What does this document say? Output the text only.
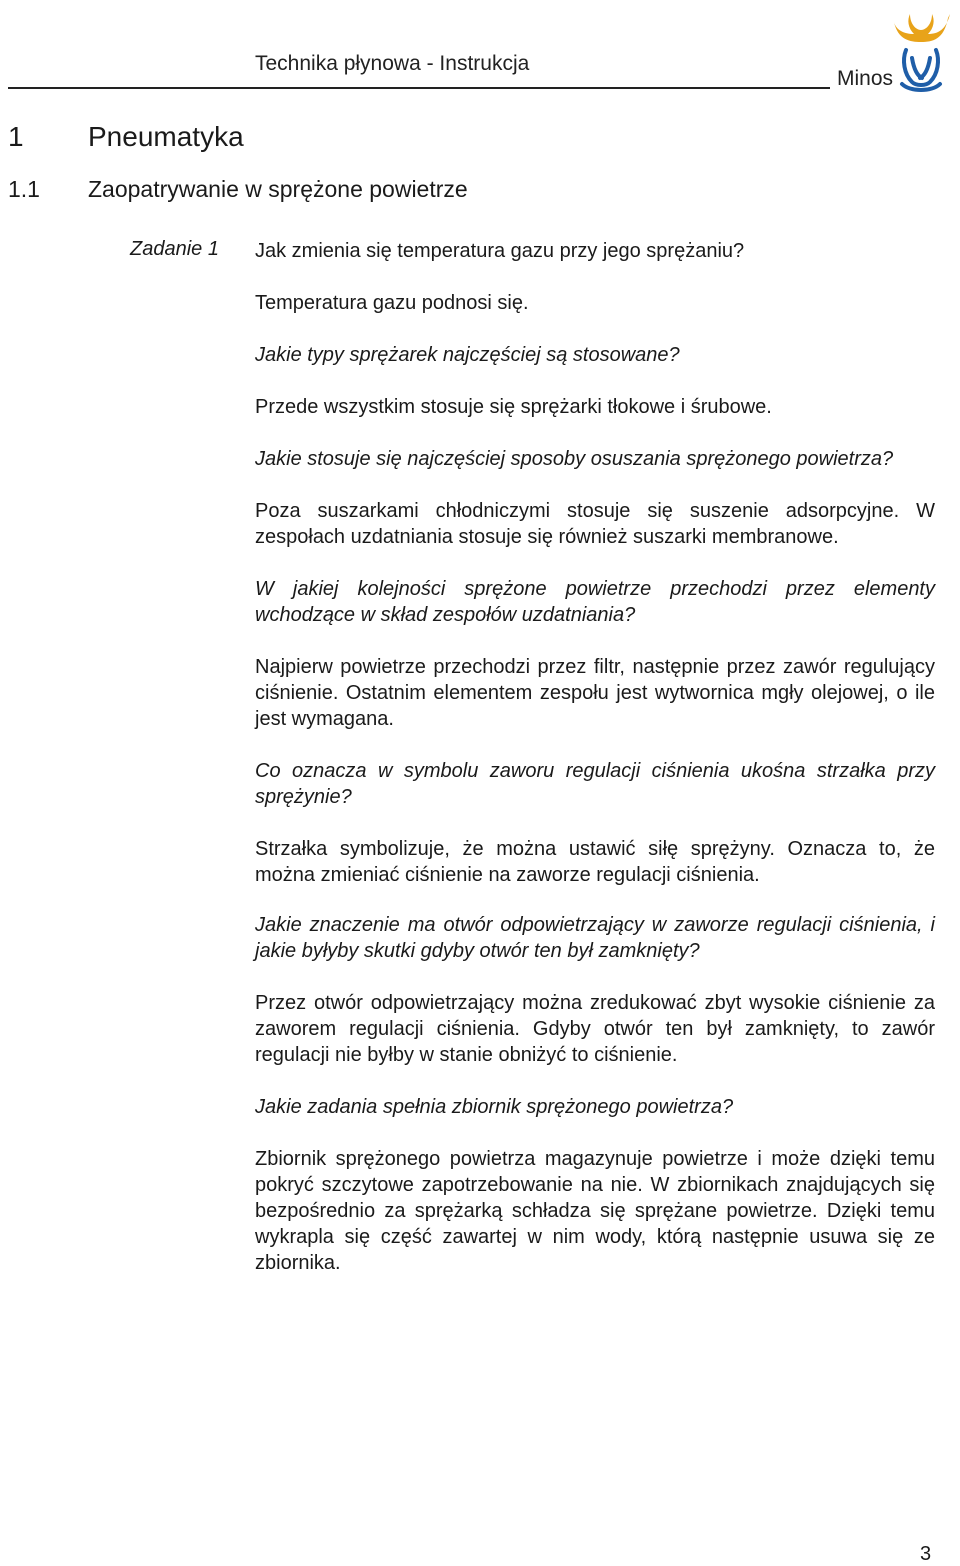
Technika płynowa - Instrukcja
Minos
1 Pneumatyka
1.1 Zaopatrywanie w sprężone powietrze
Zadanie 1 Jak zmienia się temperatura gazu przy jego sprężaniu?

Temperatura gazu podnosi się.

Jakie typy sprężarek najczęściej są stosowane?

Przede wszystkim stosuje się sprężarki tłokowe i śrubowe.

Jakie stosuje się najczęściej sposoby osuszania sprężonego powietrza?

Poza suszarkami chłodniczymi stosuje się suszenie adsorpcyjne. W zespołach uzdatniania stosuje się również suszarki membranowe.

W jakiej kolejności sprężone powietrze przechodzi przez elementy wchodzące w skład zespołów uzdatniania?

Najpierw powietrze przechodzi przez filtr, następnie przez zawór regulujący ciśnienie. Ostatnim elementem zespołu jest wytwornica mgły olejowej, o ile jest wymagana.

Co oznacza w symbolu zaworu regulacji ciśnienia ukośna strzałka przy sprężynie?

Strzałka symbolizuje, że można ustawić siłę sprężyny. Oznacza to, że można zmieniać ciśnienie na zaworze regulacji ciśnienia.

Jakie znaczenie ma otwór odpowietrzający w zaworze regulacji ciśnienia, i jakie byłyby skutki gdyby otwór ten był zamknięty?

Przez otwór odpowietrzający można zredukować zbyt wysokie ciśnienie za zaworem regulacji ciśnienia. Gdyby otwór ten był zamknięty, to zawór regulacji nie byłby w stanie obniżyć to ciśnienie.

Jakie zadania spełnia zbiornik sprężonego powietrza?

Zbiornik sprężonego powietrza magazynuje powietrze i może dzięki temu pokryć szczytowe zapotrzebowanie na nie. W zbiornikach znajdujących się bezpośrednio za sprężarką schładza się sprężane powietrze. Dzięki temu wykrapla się część zawartej w nim wody, którą następnie usuwa się ze zbiornika.

3
